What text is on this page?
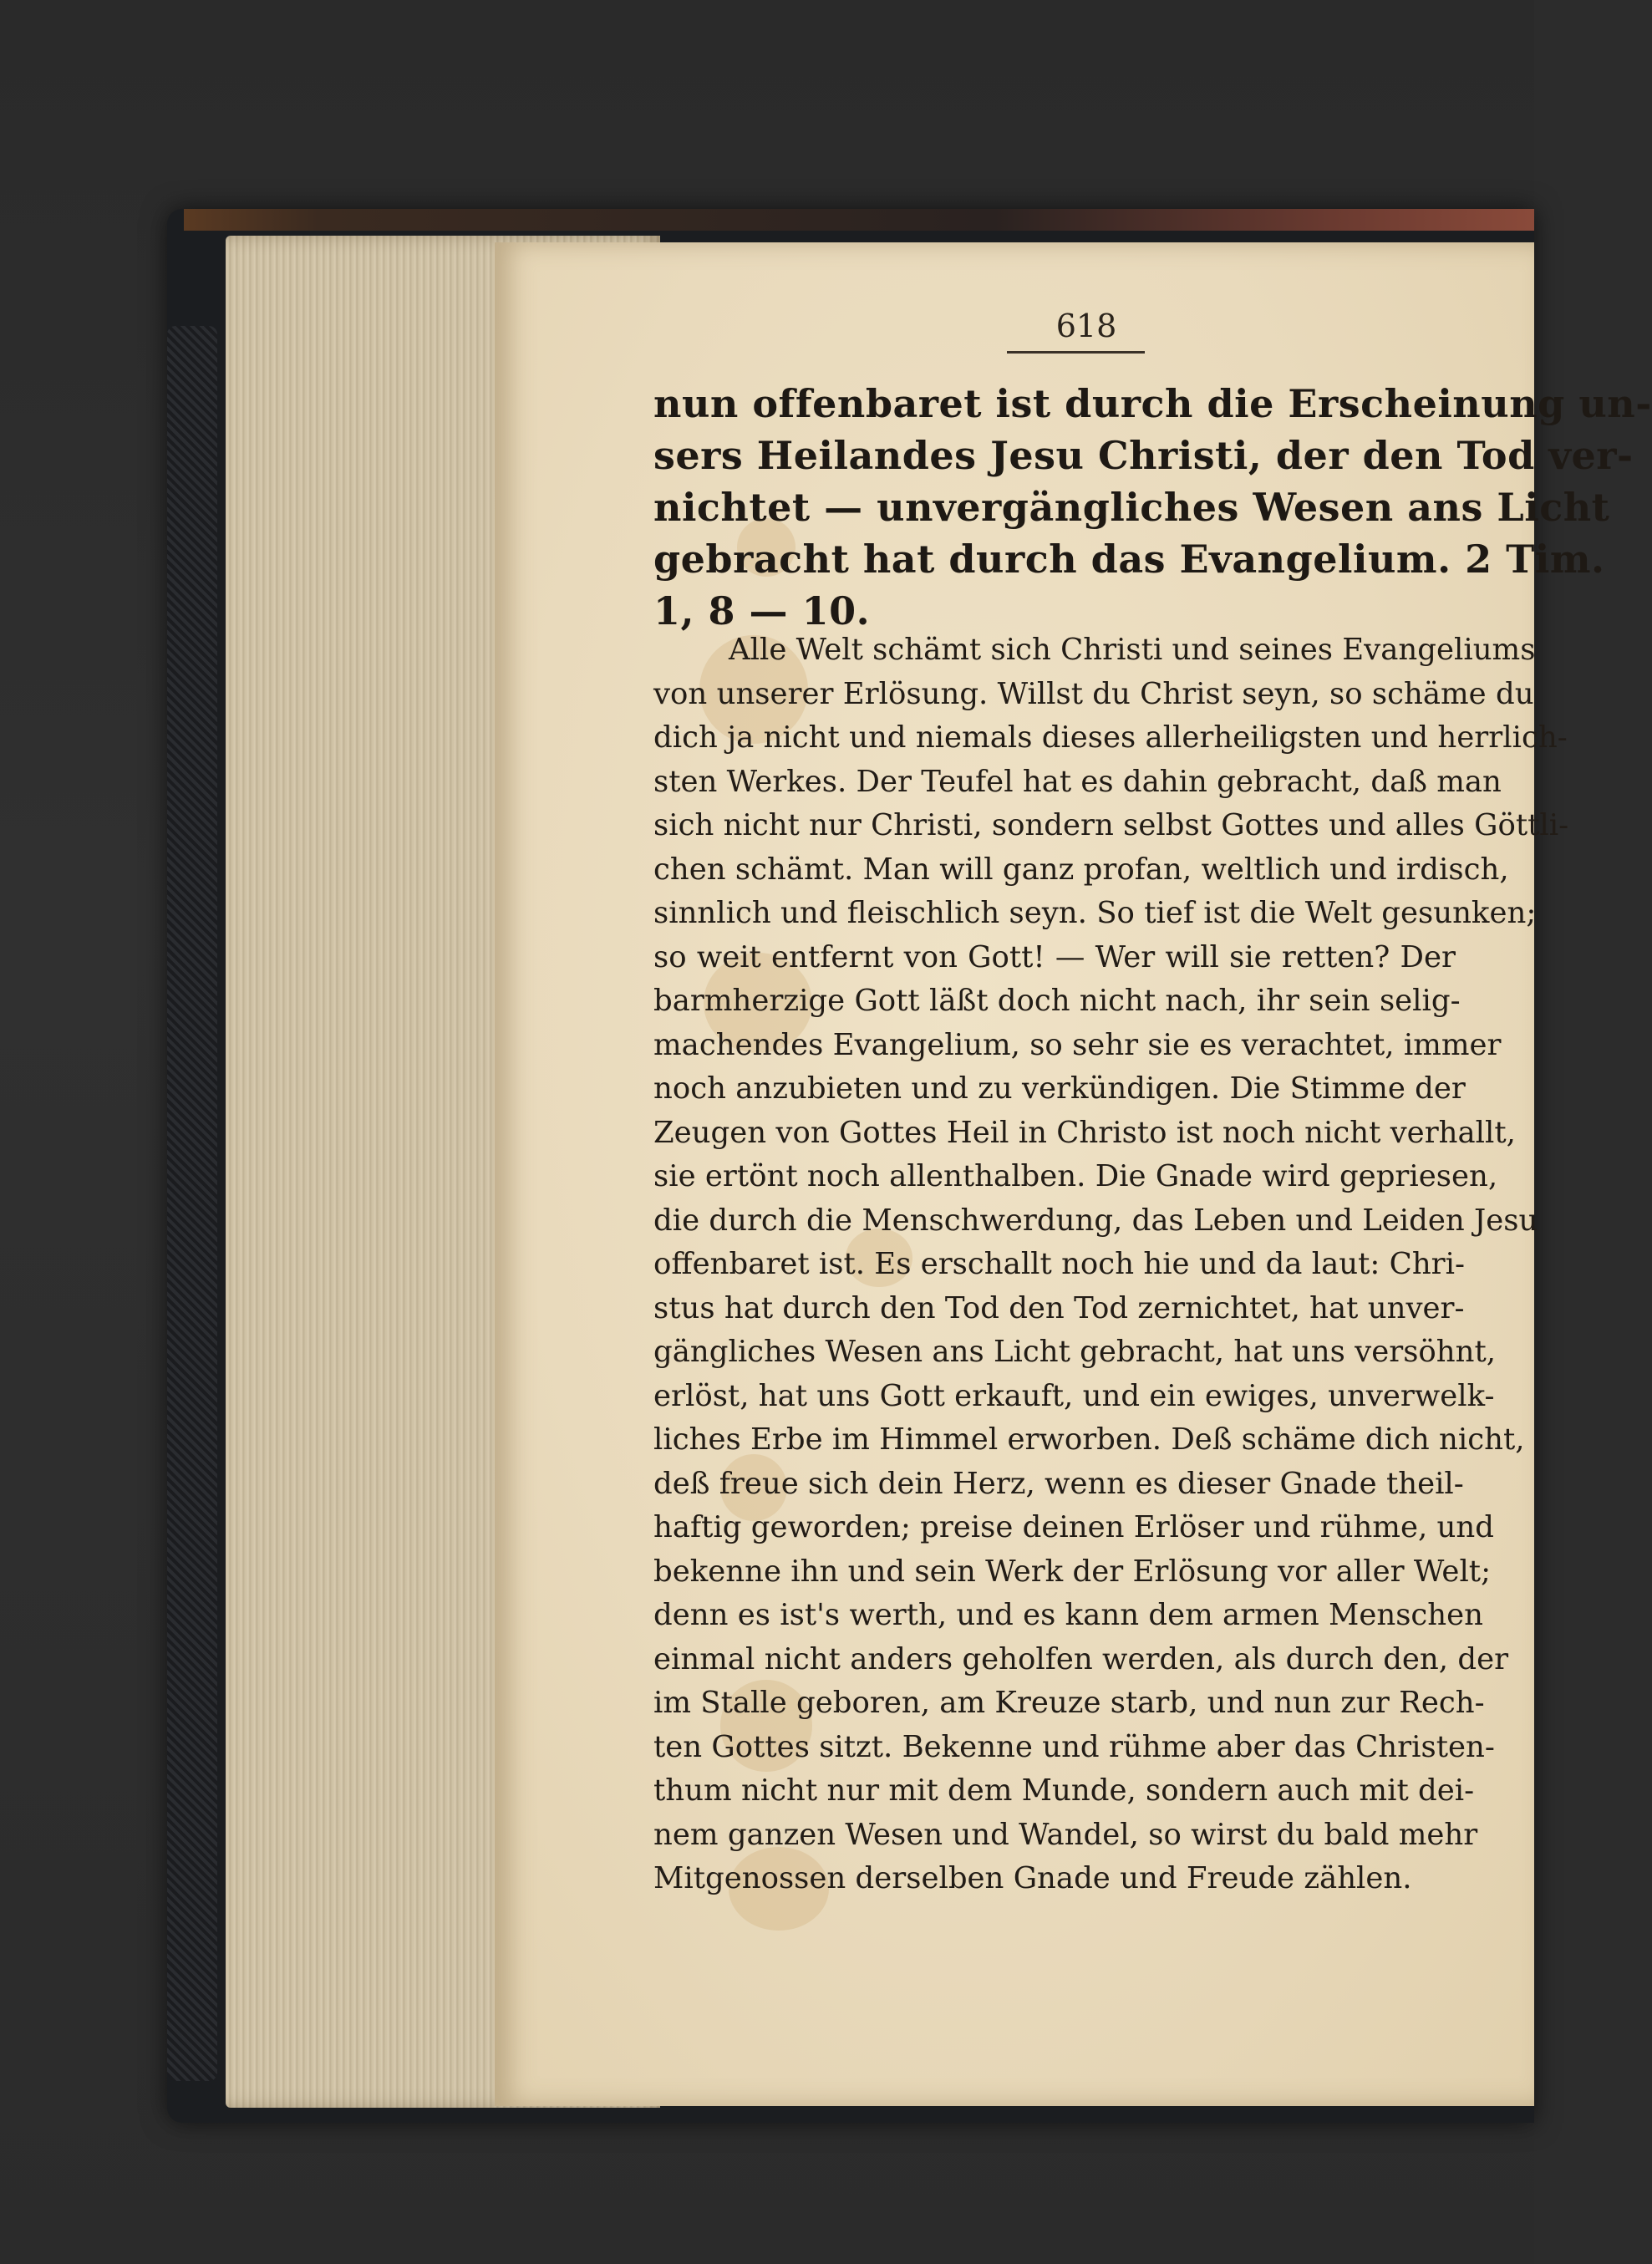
618
nun offenbaret ist durch die Erscheinung un-
sers Heilandes Jesu Christi, der den Tod ver-
nichtet — unvergängliches Wesen ans Licht
gebracht hat durch das Evangelium. 2 Tim.
1, 8 — 10.
Alle Welt schämt sich Christi und seines Evangeliums
von unserer Erlösung. Willst du Christ seyn, so schäme du
dich ja nicht und niemals dieses allerheiligsten und herrlich-
sten Werkes. Der Teufel hat es dahin gebracht, daß man
sich nicht nur Christi, sondern selbst Gottes und alles Göttli-
chen schämt. Man will ganz profan, weltlich und irdisch,
sinnlich und fleischlich seyn. So tief ist die Welt gesunken;
so weit entfernt von Gott! — Wer will sie retten? Der
barmherzige Gott läßt doch nicht nach, ihr sein selig-
machendes Evangelium, so sehr sie es verachtet, immer
noch anzubieten und zu verkündigen. Die Stimme der
Zeugen von Gottes Heil in Christo ist noch nicht verhallt,
sie ertönt noch allenthalben. Die Gnade wird gepriesen,
die durch die Menschwerdung, das Leben und Leiden Jesu
offenbaret ist. Es erschallt noch hie und da laut: Chri-
stus hat durch den Tod den Tod zernichtet, hat unver-
gängliches Wesen ans Licht gebracht, hat uns versöhnt,
erlöst, hat uns Gott erkauft, und ein ewiges, unverwelk-
liches Erbe im Himmel erworben. Deß schäme dich nicht,
deß freue sich dein Herz, wenn es dieser Gnade theil-
haftig geworden; preise deinen Erlöser und rühme, und
bekenne ihn und sein Werk der Erlösung vor aller Welt;
denn es ist's werth, und es kann dem armen Menschen
einmal nicht anders geholfen werden, als durch den, der
im Stalle geboren, am Kreuze starb, und nun zur Rech-
ten Gottes sitzt. Bekenne und rühme aber das Christen-
thum nicht nur mit dem Munde, sondern auch mit dei-
nem ganzen Wesen und Wandel, so wirst du bald mehr
Mitgenossen derselben Gnade und Freude zählen.
